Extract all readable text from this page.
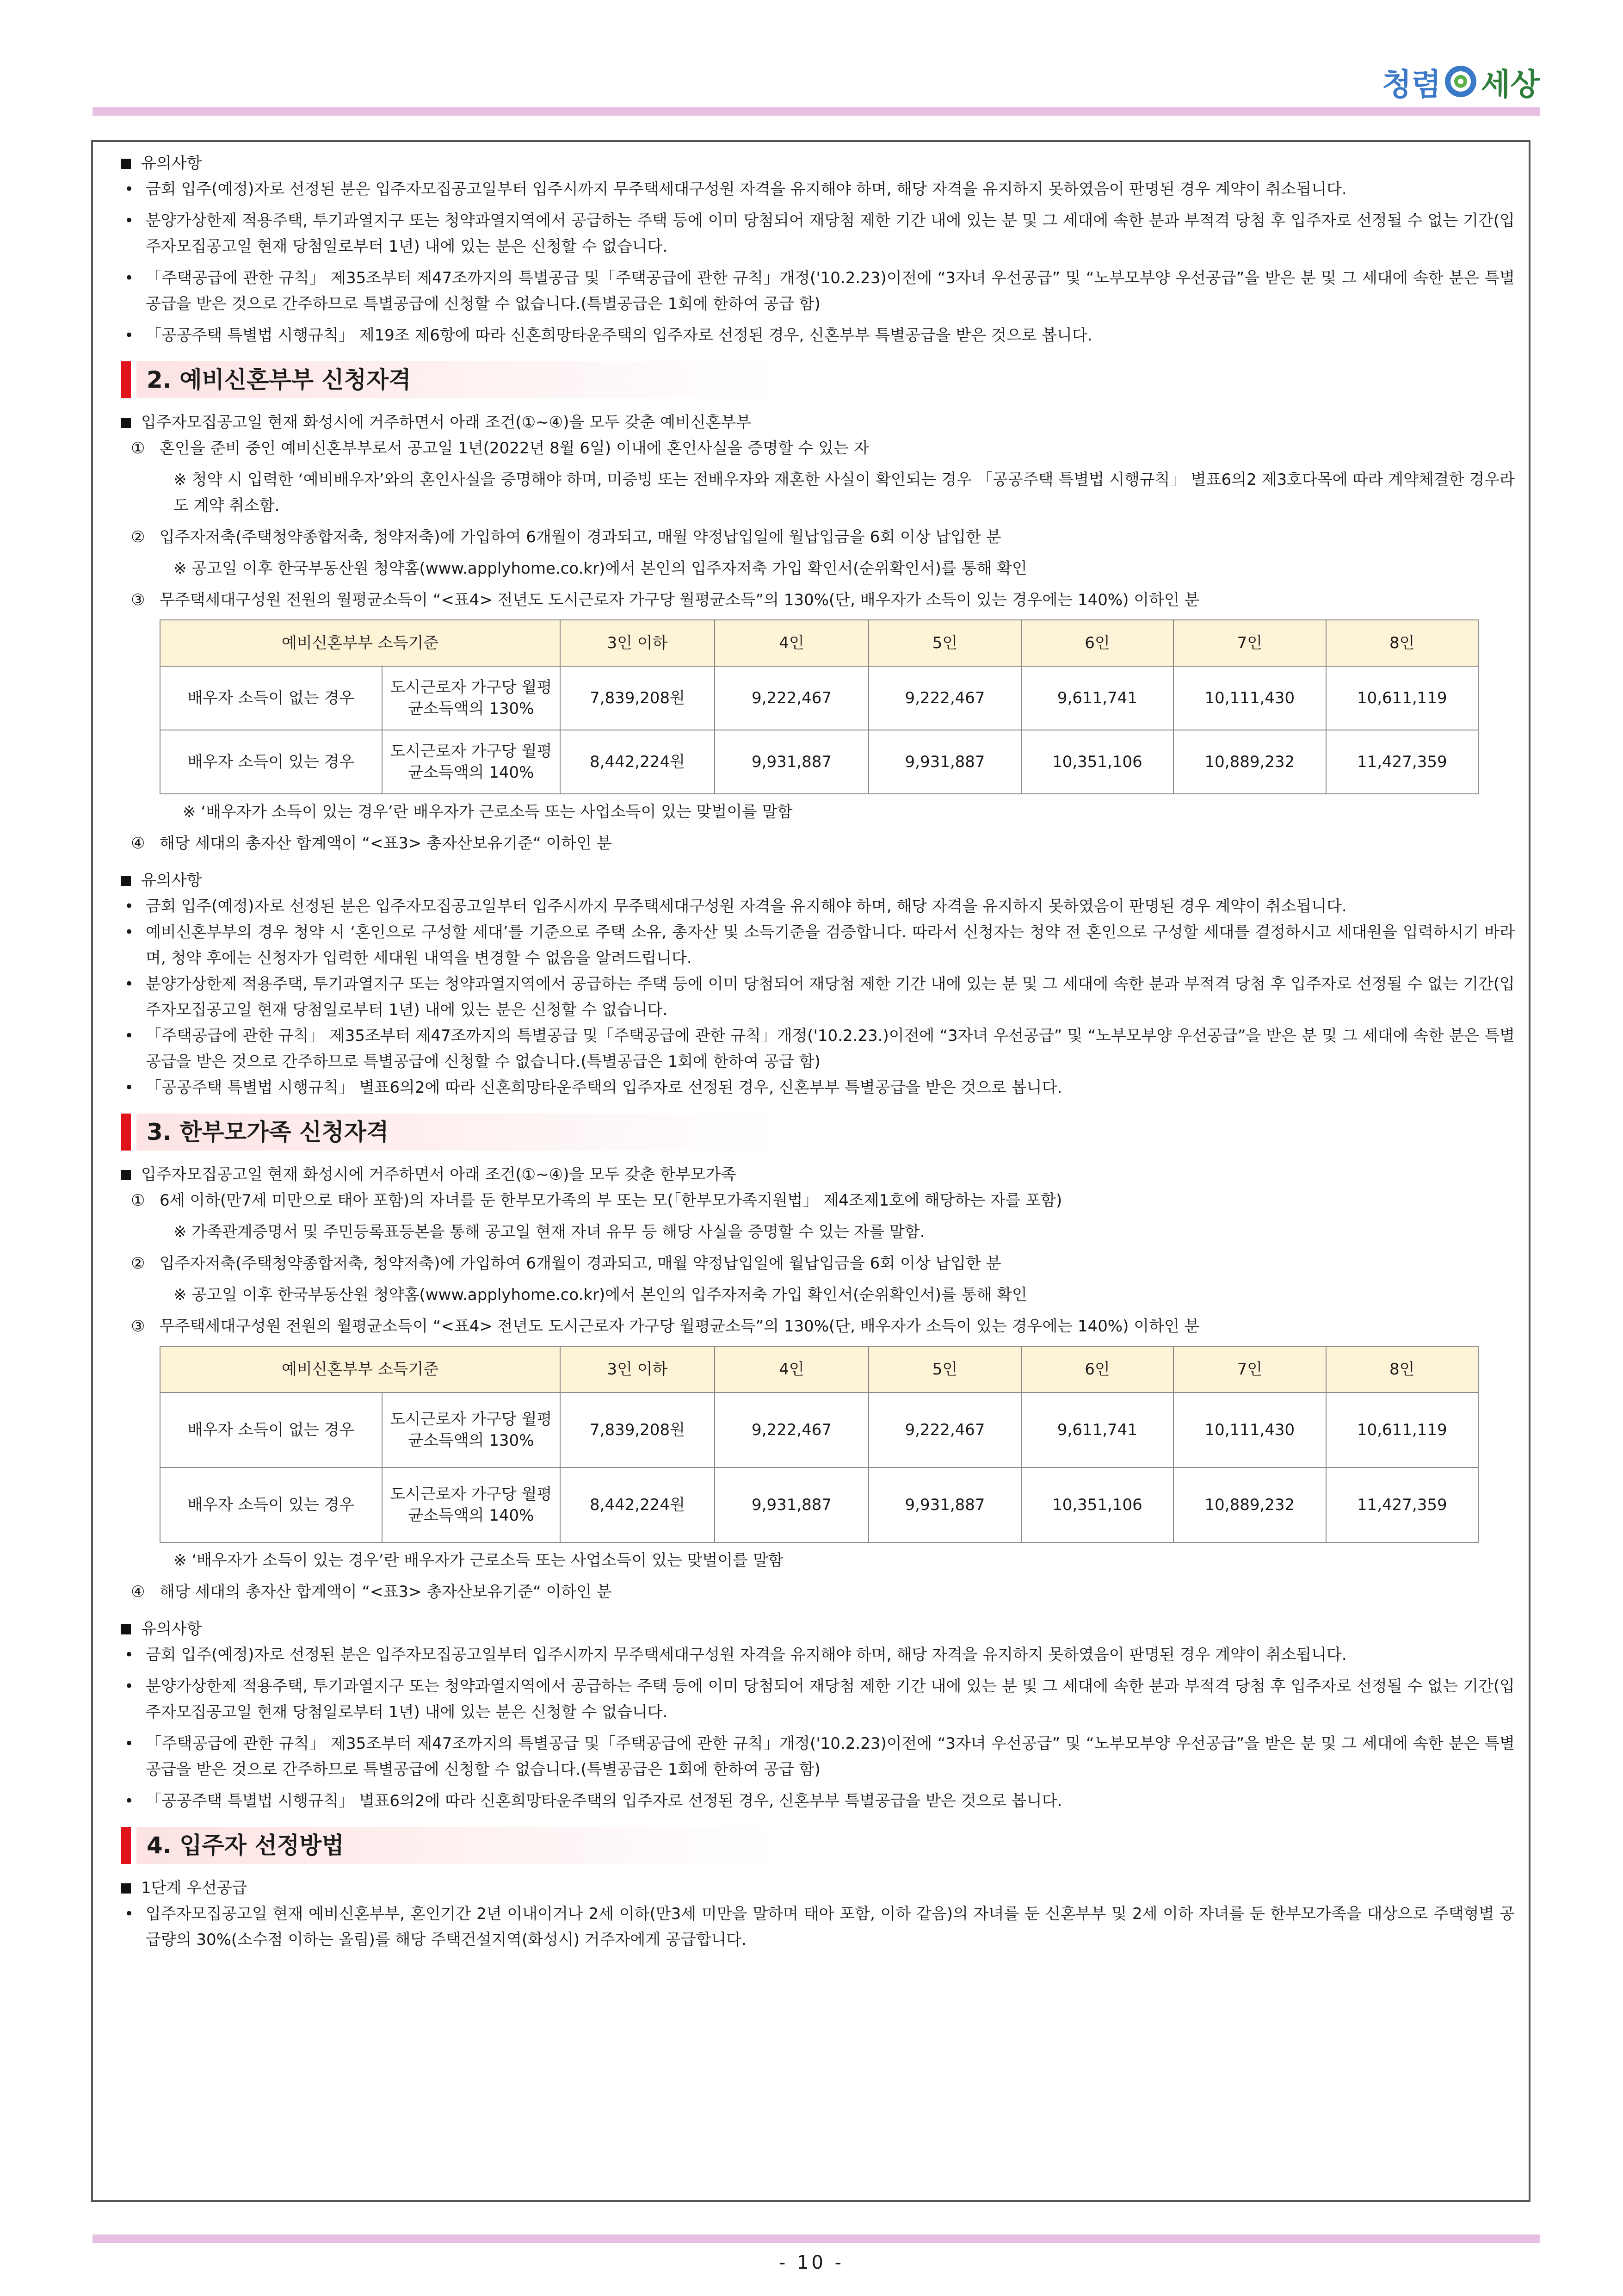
청렴 세상
유의사항
• 금회 입주(예정)자로 선정된 분은 입주자모집공고일부터 입주시까지 무주택세대구성원 자격을 유지해야 하며, 해당 자격을 유지하지 못하였음이 판명된 경우 계약이 취소됩니다.
• 분양가상한제 적용주택, 투기과열지구 또는 청약과열지역에서 공급하는 주택 등에 이미 당첨되어 재당첨 제한 기간 내에 있는 분 및 그 세대에 속한 분과 부적격 당첨 후 입주자로 선정될 수 없는 기간(입주자모집공고일 현재 당첨일로부터 1년) 내에 있는 분은 신청할 수 없습니다.
• 「주택공급에 관한 규칙」 제35조부터 제47조까지의 특별공급 및「주택공급에 관한 규칙」개정('10.2.23)이전에 “3자녀 우선공급” 및 “노부모부양 우선공급”을 받은 분 및 그 세대에 속한 분은 특별공급을 받은 것으로 간주하므로 특별공급에 신청할 수 없습니다.(특별공급은 1회에 한하여 공급 함)
• 「공공주택 특별법 시행규칙」 제19조 제6항에 따라 신혼희망타운주택의 입주자로 선정된 경우, 신혼부부 특별공급을 받은 것으로 봅니다.
2. 예비신혼부부 신청자격
입주자모집공고일 현재 화성시에 거주하면서 아래 조건(①~④)을 모두 갖춘 예비신혼부부
① 혼인을 준비 중인 예비신혼부부로서 공고일 1년(2022년 8월 6일) 이내에 혼인사실을 증명할 수 있는 자
※ 청약 시 입력한 ‘예비배우자’와의 혼인사실을 증명해야 하며, 미증빙 또는 전배우자와 재혼한 사실이 확인되는 경우 「공공주택 특별법 시행규칙」 별표6의2 제3호다목에 따라 계약체결한 경우라도 계약 취소함.
② 입주자저축(주택청약종합저축, 청약저축)에 가입하여 6개월이 경과되고, 매월 약정납입일에 월납입금을 6회 이상 납입한 분
※ 공고일 이후 한국부동산원 청약홈(www.applyhome.co.kr)에서 본인의 입주자저축 가입 확인서(순위확인서)를 통해 확인
③ 무주택세대구성원 전원의 월평균소득이 “<표4> 전년도 도시근로자 가구당 월평균소득”의 130%(단, 배우자가 소득이 있는 경우에는 140%) 이하인 분
예비신혼부부 소득기준		3인 이하	4인	5인	6인	7인	8인
배우자 소득이 없는 경우	도시근로자 가구당 월평균소득액의 130%	7,839,208원	9,222,467	9,222,467	9,611,741	10,111,430	10,611,119
배우자 소득이 있는 경우	도시근로자 가구당 월평균소득액의 140%	8,442,224원	9,931,887	9,931,887	10,351,106	10,889,232	11,427,359
※ ‘배우자가 소득이 있는 경우’란 배우자가 근로소득 또는 사업소득이 있는 맞벌이를 말함
④ 해당 세대의 총자산 합계액이 “<표3> 총자산보유기준“ 이하인 분
유의사항
• 금회 입주(예정)자로 선정된 분은 입주자모집공고일부터 입주시까지 무주택세대구성원 자격을 유지해야 하며, 해당 자격을 유지하지 못하였음이 판명된 경우 계약이 취소됩니다.
• 예비신혼부부의 경우 청약 시 ‘혼인으로 구성할 세대’를 기준으로 주택 소유, 총자산 및 소득기준을 검증합니다. 따라서 신청자는 청약 전 혼인으로 구성할 세대를 결정하시고 세대원을 입력하시기 바라며, 청약 후에는 신청자가 입력한 세대원 내역을 변경할 수 없음을 알려드립니다.
• 분양가상한제 적용주택, 투기과열지구 또는 청약과열지역에서 공급하는 주택 등에 이미 당첨되어 재당첨 제한 기간 내에 있는 분 및 그 세대에 속한 분과 부적격 당첨 후 입주자로 선정될 수 없는 기간(입주자모집공고일 현재 당첨일로부터 1년) 내에 있는 분은 신청할 수 없습니다.
• 「주택공급에 관한 규칙」 제35조부터 제47조까지의 특별공급 및「주택공급에 관한 규칙」개정('10.2.23.)이전에 “3자녀 우선공급” 및 “노부모부양 우선공급”을 받은 분 및 그 세대에 속한 분은 특별공급을 받은 것으로 간주하므로 특별공급에 신청할 수 없습니다.(특별공급은 1회에 한하여 공급 함)
• 「공공주택 특별법 시행규칙」 별표6의2에 따라 신혼희망타운주택의 입주자로 선정된 경우, 신혼부부 특별공급을 받은 것으로 봅니다.
3. 한부모가족 신청자격
입주자모집공고일 현재 화성시에 거주하면서 아래 조건(①~④)을 모두 갖춘 한부모가족
① 6세 이하(만7세 미만으로 태아 포함)의 자녀를 둔 한부모가족의 부 또는 모(「한부모가족지원법」 제4조제1호에 해당하는 자를 포함)
※ 가족관계증명서 및 주민등록표등본을 통해 공고일 현재 자녀 유무 등 해당 사실을 증명할 수 있는 자를 말함.
② 입주자저축(주택청약종합저축, 청약저축)에 가입하여 6개월이 경과되고, 매월 약정납입일에 월납입금을 6회 이상 납입한 분
※ 공고일 이후 한국부동산원 청약홈(www.applyhome.co.kr)에서 본인의 입주자저축 가입 확인서(순위확인서)를 통해 확인
③ 무주택세대구성원 전원의 월평균소득이 “<표4> 전년도 도시근로자 가구당 월평균소득”의 130%(단, 배우자가 소득이 있는 경우에는 140%) 이하인 분
예비신혼부부 소득기준		3인 이하	4인	5인	6인	7인	8인
배우자 소득이 없는 경우	도시근로자 가구당 월평균소득액의 130%	7,839,208원	9,222,467	9,222,467	9,611,741	10,111,430	10,611,119
배우자 소득이 있는 경우	도시근로자 가구당 월평균소득액의 140%	8,442,224원	9,931,887	9,931,887	10,351,106	10,889,232	11,427,359
※ ‘배우자가 소득이 있는 경우’란 배우자가 근로소득 또는 사업소득이 있는 맞벌이를 말함
④ 해당 세대의 총자산 합계액이 “<표3> 총자산보유기준“ 이하인 분
유의사항
• 금회 입주(예정)자로 선정된 분은 입주자모집공고일부터 입주시까지 무주택세대구성원 자격을 유지해야 하며, 해당 자격을 유지하지 못하였음이 판명된 경우 계약이 취소됩니다.
• 분양가상한제 적용주택, 투기과열지구 또는 청약과열지역에서 공급하는 주택 등에 이미 당첨되어 재당첨 제한 기간 내에 있는 분 및 그 세대에 속한 분과 부적격 당첨 후 입주자로 선정될 수 없는 기간(입주자모집공고일 현재 당첨일로부터 1년) 내에 있는 분은 신청할 수 없습니다.
• 「주택공급에 관한 규칙」 제35조부터 제47조까지의 특별공급 및「주택공급에 관한 규칙」개정('10.2.23)이전에 “3자녀 우선공급” 및 “노부모부양 우선공급”을 받은 분 및 그 세대에 속한 분은 특별공급을 받은 것으로 간주하므로 특별공급에 신청할 수 없습니다.(특별공급은 1회에 한하여 공급 함)
• 「공공주택 특별법 시행규칙」 별표6의2에 따라 신혼희망타운주택의 입주자로 선정된 경우, 신혼부부 특별공급을 받은 것으로 봅니다.
4. 입주자 선정방법
1단계 우선공급
• 입주자모집공고일 현재 예비신혼부부, 혼인기간 2년 이내이거나 2세 이하(만3세 미만을 말하며 태아 포함, 이하 같음)의 자녀를 둔 신혼부부 및 2세 이하 자녀를 둔 한부모가족을 대상으로 주택형별 공급량의 30%(소수점 이하는 올림)를 해당 주택건설지역(화성시) 거주자에게 공급합니다.
- 10 -
